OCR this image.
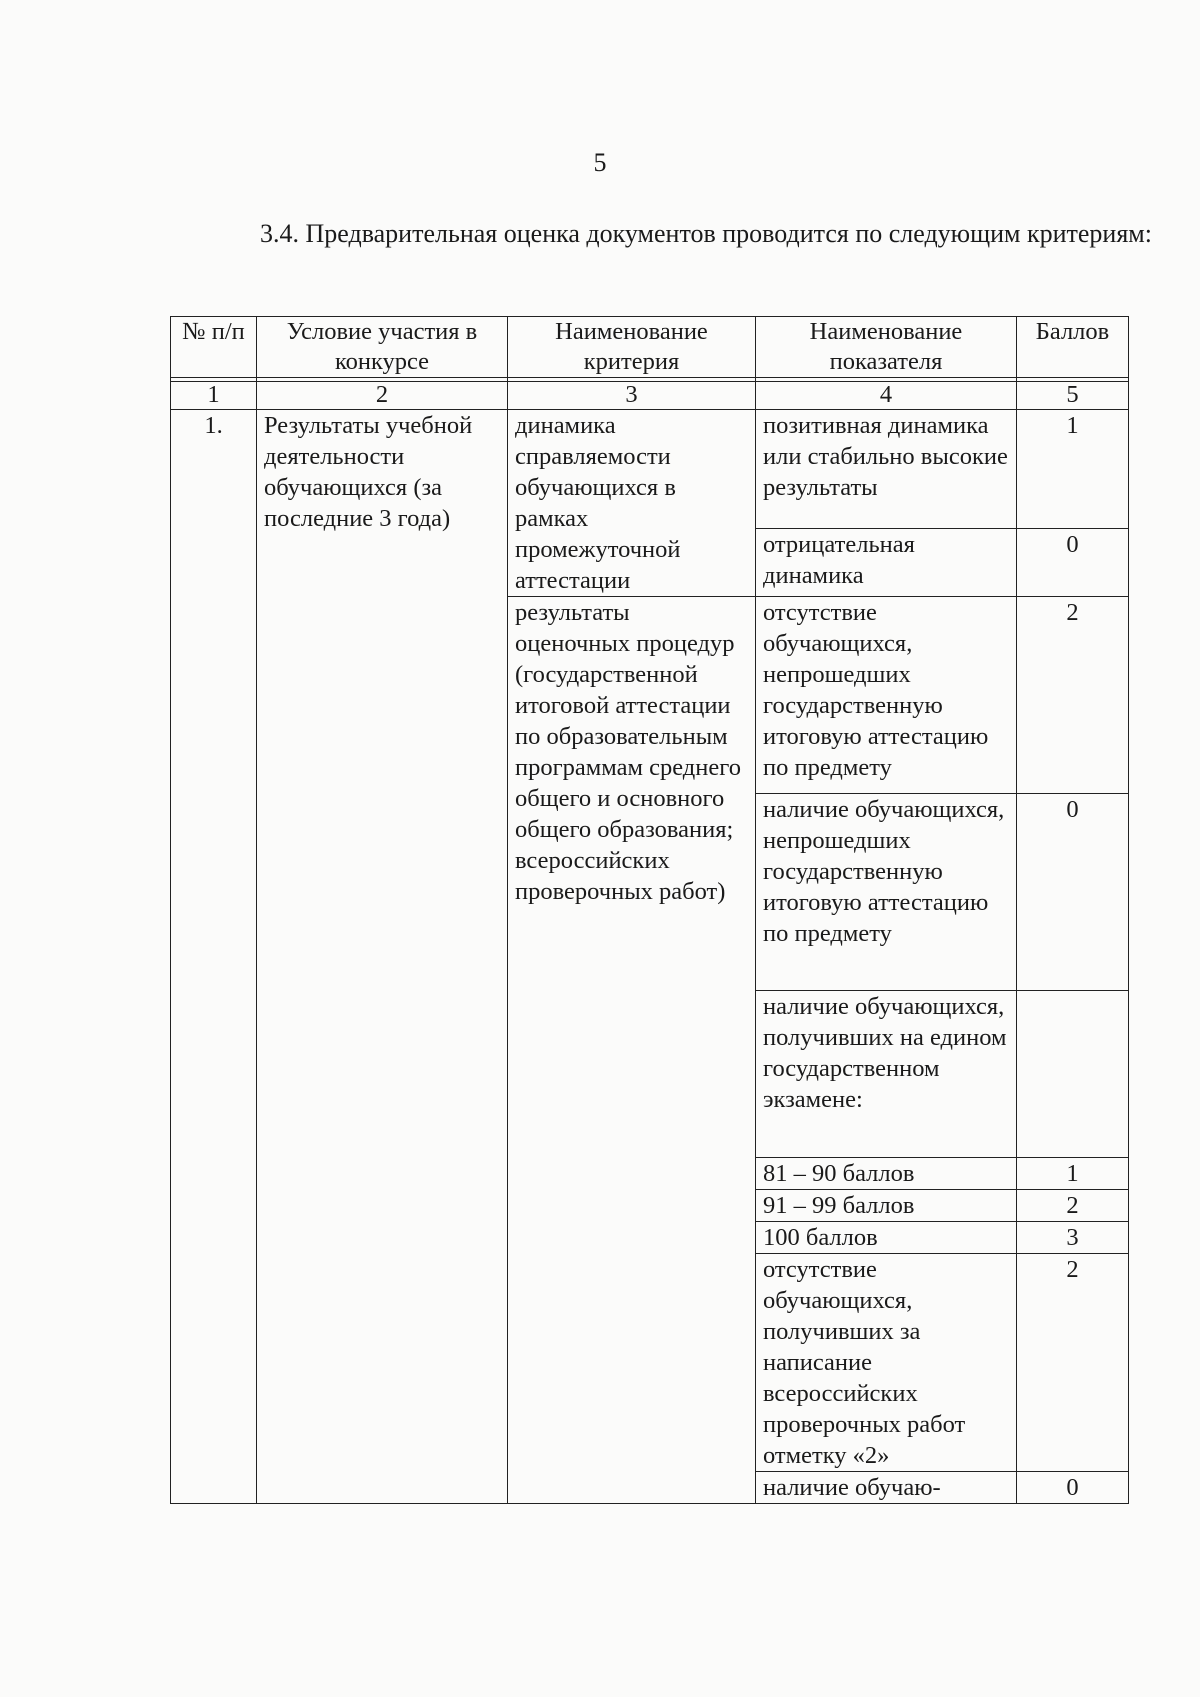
5
3.4. Предварительная оценка документов проводится по следующим критериям:
№ п/п	Условие участия в конкурсе	Наименование критерия	Наименование показателя	Баллов

1	2	3	4	5
1.	Результаты учебной деятельности обучающихся (за последние 3 года)	динамика справляемости обучающихся в рамках промежуточной аттестации	позитивная динамика или стабильно высокие результаты	1
			отрицательная динамика	0
		результаты оценочных процедур (государственной итоговой аттестации по образовательным программам среднего общего и основного общего образования; всероссийских проверочных работ)	отсутствие обучающихся, непрошедших государственную итоговую аттестацию по предмету	2
			наличие обучающихся, непрошедших государственную итоговую аттестацию по предмету	0
			наличие обучающихся, получивших на едином государственном экзамене:	
			81 – 90 баллов	1
			91 – 99 баллов	2
			100 баллов	3
			отсутствие обучающихся, получивших за написание всероссийских проверочных работ отметку «2»	2
			наличие обучаю-	0
